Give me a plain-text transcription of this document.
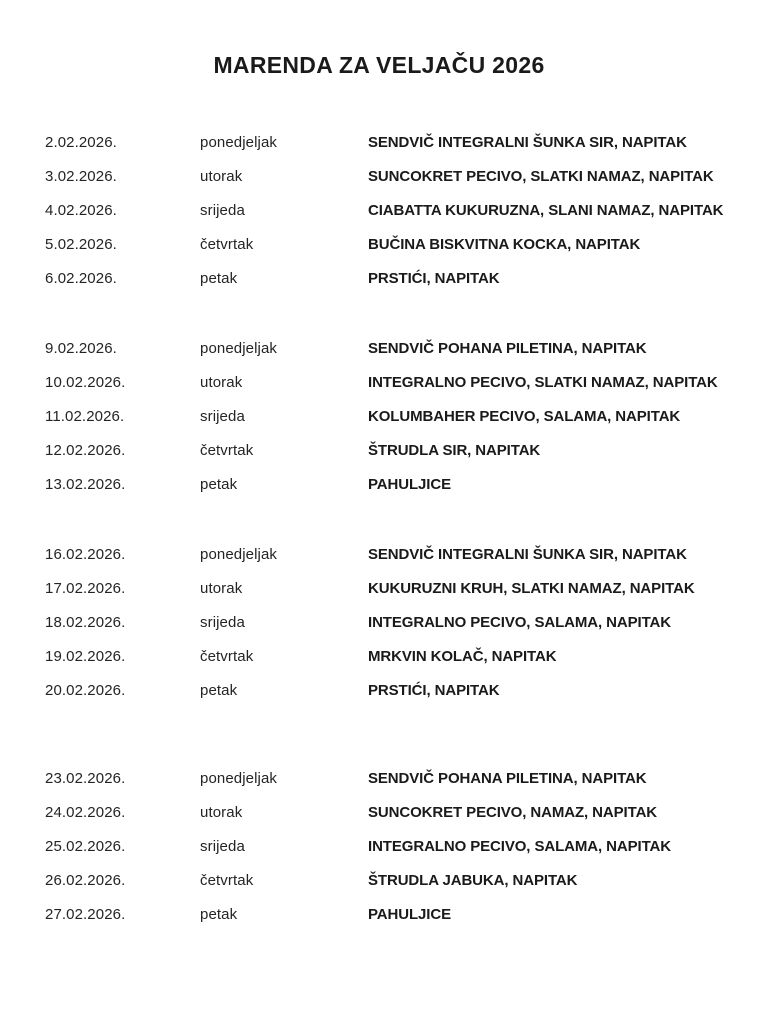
MARENDA ZA VELJAČU 2026
2.02.2026.	ponedjeljak	SENDVIČ INTEGRALNI ŠUNKA SIR, NAPITAK
3.02.2026.	utorak	SUNCOKRET PECIVO, SLATKI NAMAZ, NAPITAK
4.02.2026.	srijeda	CIABATTA KUKURUZNA, SLANI NAMAZ, NAPITAK
5.02.2026.	četvrtak	BUČINA BISKVITNA KOCKA, NAPITAK
6.02.2026.	petak	PRSTIĆI, NAPITAK
9.02.2026.	ponedjeljak	SENDVIČ POHANA PILETINA, NAPITAK
10.02.2026.	utorak	INTEGRALNO PECIVO, SLATKI NAMAZ, NAPITAK
11.02.2026.	srijeda	KOLUMBAHER PECIVO, SALAMA, NAPITAK
12.02.2026.	četvrtak	ŠTRUDLA SIR, NAPITAK
13.02.2026.	petak	PAHULJICE
16.02.2026.	ponedjeljak	SENDVIČ INTEGRALNI ŠUNKA SIR, NAPITAK
17.02.2026.	utorak	KUKURUZNI KRUH, SLATKI NAMAZ, NAPITAK
18.02.2026.	srijeda	INTEGRALNO PECIVO, SALAMA, NAPITAK
19.02.2026.	četvrtak	MRKVIN KOLAČ, NAPITAK
20.02.2026.	petak	PRSTIĆI, NAPITAK
23.02.2026.	ponedjeljak	SENDVIČ POHANA PILETINA, NAPITAK
24.02.2026.	utorak	SUNCOKRET PECIVO, NAMAZ, NAPITAK
25.02.2026.	srijeda	INTEGRALNO PECIVO, SALAMA, NAPITAK
26.02.2026.	četvrtak	ŠTRUDLA JABUKA, NAPITAK
27.02.2026.	petak	PAHULJICE
